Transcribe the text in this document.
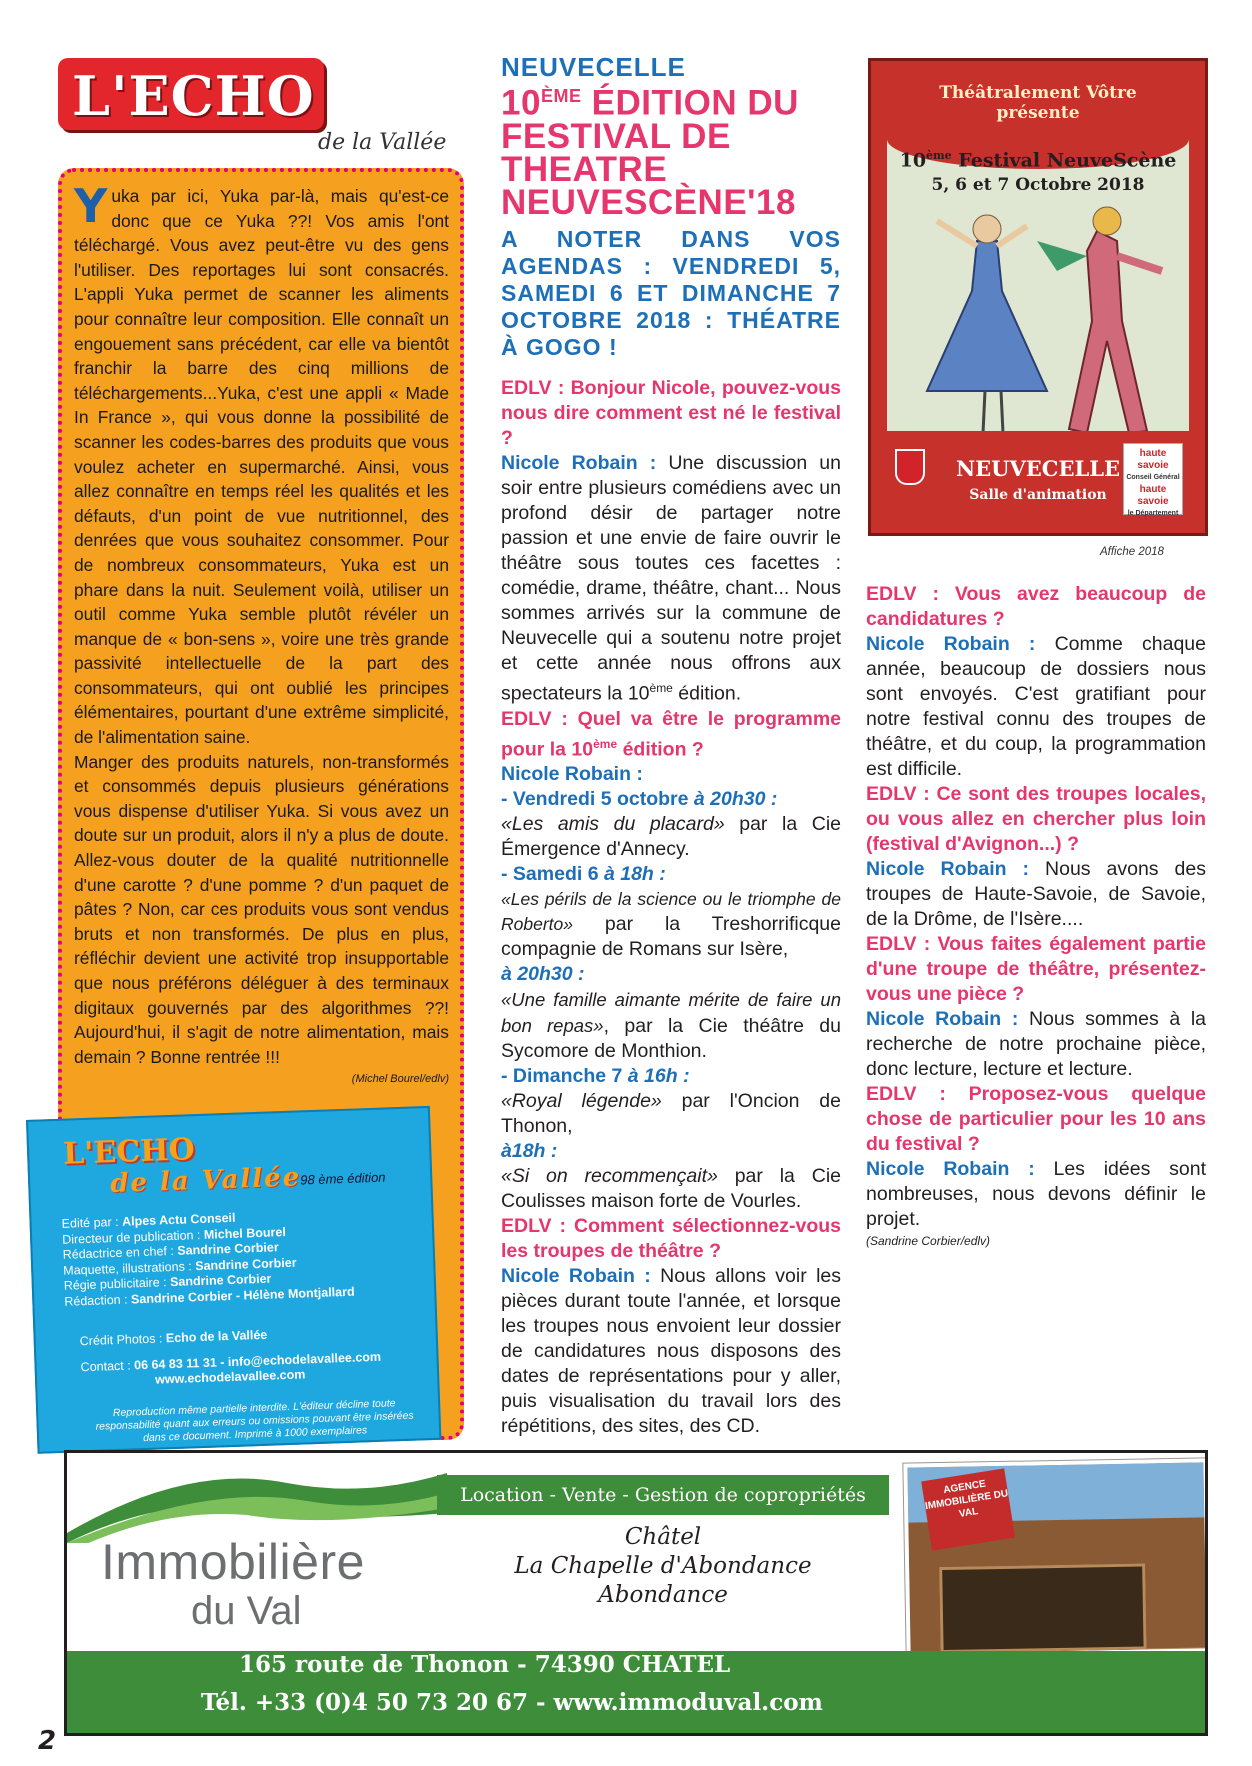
L'ECHO
de la Vallée
Yuka par ici, Yuka par-là, mais qu'est-ce donc que ce Yuka ??! Vos amis l'ont téléchargé. Vous avez peut-être vu des gens l'utiliser. Des reportages lui sont consacrés. L'appli Yuka permet de scanner les aliments pour connaître leur composition. Elle connaît un engouement sans précédent, car elle va bientôt franchir la barre des cinq millions de téléchargements...Yuka, c'est une appli « Made In France », qui vous donne la possibilité de scanner les codes-barres des produits que vous voulez acheter en supermarché. Ainsi, vous allez connaître en temps réel les qualités et les défauts, d'un point de vue nutritionnel, des denrées que vous souhaitez consommer. Pour de nombreux consommateurs, Yuka est un phare dans la nuit. Seulement voilà, utiliser un outil comme Yuka semble plutôt révéler un manque de « bon-sens », voire une très grande passivité intellectuelle de la part des consommateurs, qui ont oublié les principes élémentaires, pourtant d'une extrême simplicité, de l'alimentation saine.
Manger des produits naturels, non-transformés et consommés depuis plusieurs générations vous dispense d'utiliser Yuka. Si vous avez un doute sur un produit, alors il n'y a plus de doute. Allez-vous douter de la qualité nutritionnelle d'une carotte ? d'une pomme ? d'un paquet de pâtes ? Non, car ces produits vous sont vendus bruts et non transformés. De plus en plus, réfléchir devient une activité trop insupportable que nous préférons déléguer à des terminaux digitaux gouvernés par des algorithmes ??! Aujourd'hui, il s'agit de notre alimentation, mais demain ? Bonne rentrée !!!
(Michel Bourel/edlv)
L'ECHO
de la Vallée
98 ème édition
Edité par : Alpes Actu Conseil
Directeur de publication : Michel Bourel
Rédactrice en chef : Sandrine Corbier
Maquette, illustrations : Sandrine Corbier
Régie publicitaire : Sandrine Corbier
Rédaction : Sandrine Corbier - Hélène Montjallard
Crédit Photos : Echo de la Vallée
Contact : 06 64 83 11 31 - info@echodelavallee.com
www.echodelavallee.com
Reproduction même partielle interdite. L'éditeur décline toute responsabilité quant aux erreurs ou omissions pouvant être insérées dans ce document. Imprimé à 1000 exemplaires
NEUVECELLE
10ÈME ÉDITION DU FESTIVAL DE THEATRE NEUVESCÈNE'18
A NOTER DANS VOS AGENDAS : VENDREDI 5, SAMEDI 6 ET DIMANCHE 7 OCTOBRE 2018 : THÉATRE À GOGO !

EDLV : Bonjour Nicole, pouvez-vous nous dire comment est né le festival ?

Nicole Robain : Une discussion un soir entre plusieurs comédiens avec un profond désir de partager notre passion et une envie de faire ouvrir le théâtre sous toutes ces facettes : comédie, drame, théâtre, chant... Nous sommes arrivés sur la commune de Neuvecelle qui a soutenu notre projet et cette année nous offrons aux spectateurs la 10ème édition.

EDLV : Quel va être le programme pour la 10ème édition ?

Nicole Robain :

- Vendredi 5 octobre à 20h30 :

«Les amis du placard» par la Cie Émergence d'Annecy.

- Samedi 6 à 18h :

«Les périls de la science ou le triomphe de Roberto» par la Treshorrificque compagnie de Romans sur Isère,

à 20h30 :

«Une famille aimante mérite de faire un bon repas», par la Cie théâtre du Sycomore de Monthion.

- Dimanche 7 à 16h :

«Royal légende» par l'Oncion de Thonon,

à18h :

«Si on recommençait» par la Cie Coulisses maison forte de Vourles.

EDLV : Comment sélectionnez-vous les troupes de théâtre ?

Nicole Robain : Nous allons voir les pièces durant toute l'année, et lorsque les troupes nous envoient leur dossier de candidatures nous disposons des dates de représentations pour y aller, puis visualisation du travail lors des répétitions, des sites, des CD.

EDLV : Vous avez beaucoup de candidatures ?

Nicole Robain : Comme chaque année, beaucoup de dossiers nous sont envoyés. C'est gratifiant pour notre festival connu des troupes de théâtre, et du coup, la programmation est difficile.

EDLV : Ce sont des troupes locales, ou vous allez en chercher plus loin (festival d'Avignon...) ?

Nicole Robain : Nous avons des troupes de Haute-Savoie, de Savoie, de la Drôme, de l'Isère....

EDLV : Vous faites également partie d'une troupe de théâtre, présentez-vous une pièce ?

Nicole Robain : Nous sommes à la recherche de notre prochaine pièce, donc lecture, lecture et lecture.

EDLV : Proposez-vous quelque chose de particulier pour les 10 ans du festival ?

Nicole Robain : Les idées sont nombreuses, nous devons définir le projet.

(Sandrine Corbier/edlv)

Théâtralement Vôtre
présente
10ème Festival NeuveScène
5, 6 et 7 Octobre 2018
NEUVECELLE
Salle d'animation
haute savoie
Conseil Général
haute savoie
le Département
Affiche 2018
Immobilière
du Val
Location - Vente - Gestion de copropriétés
Châtel
La Chapelle d'Abondance
Abondance
AGENCE IMMOBILIÈRE DU VAL
165 route de Thonon - 74390 CHATEL
Tél. +33 (0)4 50 73 20 67 - www.immoduval.com
2
